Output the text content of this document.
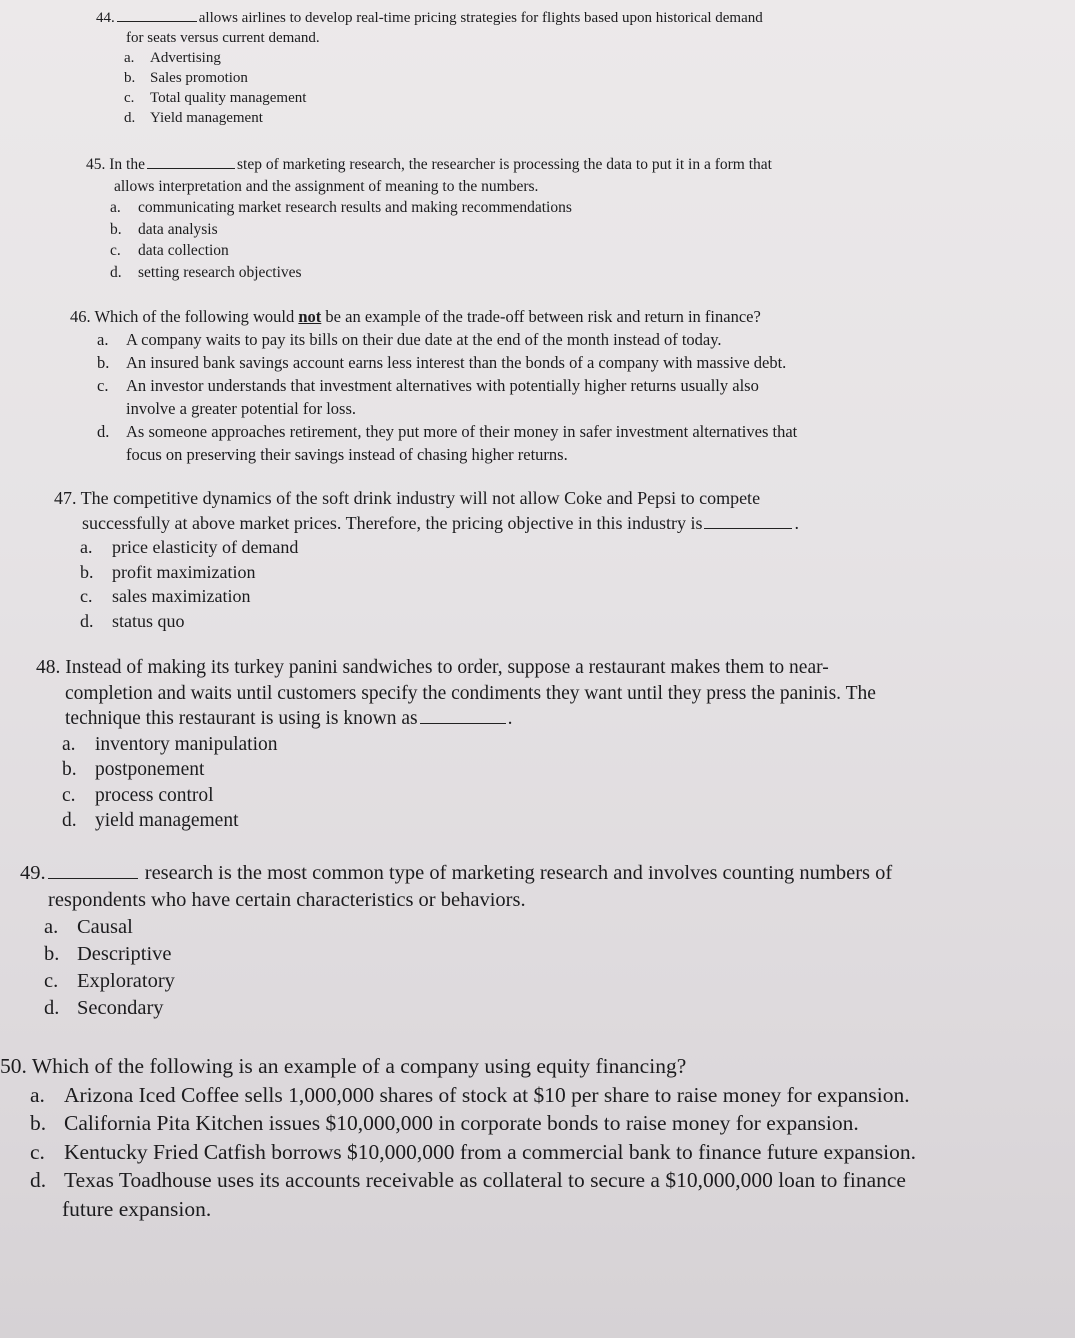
44.	allows airlines to develop real-time pricing strategies for flights based upon historical demand
for seats versus current demand.
a. Advertising
b. Sales promotion
c. Total quality management
d. Yield management
45. In the	step of marketing research, the researcher is processing the data to put it in a form that
allows interpretation and the assignment of meaning to the numbers.
a. communicating market research results and making recommendations
b. data analysis
c. data collection
d. setting research objectives
46. Which of the following would not be an example of the trade-off between risk and return in finance?
a. A company waits to pay its bills on their due date at the end of the month instead of today.
b. An insured bank savings account earns less interest than the bonds of a company with massive debt.
c. An investor understands that investment alternatives with potentially higher returns usually also
involve a greater potential for loss.
d. As someone approaches retirement, they put more of their money in safer investment alternatives that
focus on preserving their savings instead of chasing higher returns.
47. The competitive dynamics of the soft drink industry will not allow Coke and Pepsi to compete
successfully at above market prices. Therefore, the pricing objective in this industry is	.
a. price elasticity of demand
b. profit maximization
c. sales maximization
d. status quo
48. Instead of making its turkey panini sandwiches to order, suppose a restaurant makes them to near-
completion and waits until customers specify the condiments they want until they press the paninis. The
technique this restaurant is using is known as	.
a. inventory manipulation
b. postponement
c. process control
d. yield management
49.	research is the most common type of marketing research and involves counting numbers of
respondents who have certain characteristics or behaviors.
a. Causal
b. Descriptive
c. Exploratory
d. Secondary
50. Which of the following is an example of a company using equity financing?
a. Arizona Iced Coffee sells 1,000,000 shares of stock at $10 per share to raise money for expansion.
b. California Pita Kitchen issues $10,000,000 in corporate bonds to raise money for expansion.
c. Kentucky Fried Catfish borrows $10,000,000 from a commercial bank to finance future expansion.
d. Texas Toadhouse uses its accounts receivable as collateral to secure a $10,000,000 loan to finance
future expansion.
